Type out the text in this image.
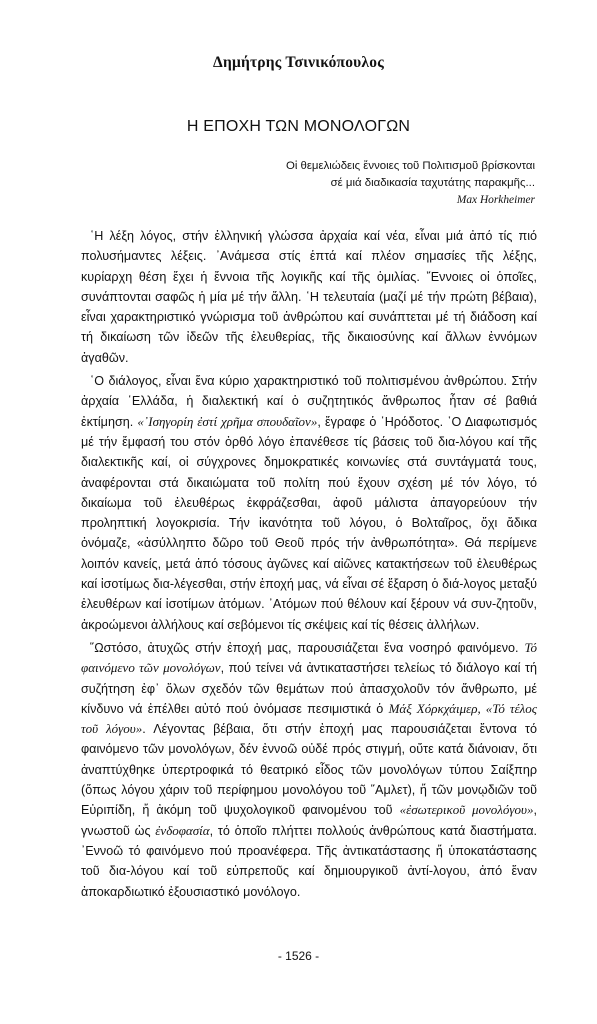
Δημήτρης Τσινικόπουλος
Η ΕΠΟΧΗ ΤΩΝ ΜΟΝΟΛΟΓΩΝ
Οἱ θεμελιώδεις ἔννοιες τοῦ Πολιτισμοῦ βρίσκονται
σέ μιά διαδικασία ταχυτάτης παρακμῆς...
Max Horkheimer

῾Η λέξη λόγος, στήν ἑλληνική γλώσσα ἀρχαία καί νέα, εἶναι μιά ἀπό τίς πιό πολυσήμαντες λέξεις. ᾿Ανάμεσα στίς ἑπτά καί πλέον σημασίες τῆς λέξης, κυρίαρχη θέση ἔχει ἡ ἔννοια τῆς λογικῆς καί τῆς ὁμιλίας. ῎Εννοιες οἱ ὁποῖες, συνάπτονται σαφῶς ἡ μία μέ τήν ἄλλη. ῾Η τελευταία (μαζί μέ τήν πρώτη βέβαια), εἶναι χαρακτηριστικό γνώρισμα τοῦ ἀνθρώπου καί συνάπτεται μέ τή διάδοση καί τή δικαίωση τῶν ἰδεῶν τῆς ἐλευθερίας, τῆς δικαιοσύνης καί ἄλλων ἐννόμων ἀγαθῶν.

῾Ο διάλογος, εἶναι ἕνα κύριο χαρακτηριστικό τοῦ πολιτισμένου ἀνθρώπου. Στήν ἀρχαία ῾Ελλάδα, ἡ διαλεκτική καί ὁ συζητητικός ἄνθρωπος ἦταν σέ βαθιά ἐκτίμηση. «᾿Ισηγορίη ἐστί χρῆμα σπουδαῖον», ἔγραφε ὁ ῾Ηρόδοτος. ῾Ο Διαφωτισμός μέ τήν ἔμφασή του στόν ὀρθό λόγο ἐπανέθεσε τίς βάσεις τοῦ δια-λόγου καί τῆς διαλεκτικῆς καί, οἱ σύγχρονες δημοκρατικές κοινωνίες στά συντάγματά τους, ἀναφέρονται στά δικαιώματα τοῦ πολίτη πού ἔχουν σχέση μέ τόν λόγο, τό δικαίωμα τοῦ ἐλευθέρως ἐκφράζεσθαι, ἀφοῦ μάλιστα ἀπαγορεύουν τήν προληπτική λογοκρισία. Τήν ἱκανότητα τοῦ λόγου, ὁ Βολταῖρος, ὄχι ἄδικα ὀνόμαζε, «ἀσύλληπτο δῶρο τοῦ Θεοῦ πρός τήν ἀνθρωπότητα». Θά περίμενε λοιπόν κανείς, μετά ἀπό τόσους ἀγῶνες καί αἰῶνες κατακτήσεων τοῦ ἐλευθέρως καί ἰσοτίμως δια-λέγεσθαι, στήν ἐποχή μας, νά εἶναι σέ ἔξαρση ὁ διά-λογος μεταξύ ἐλευθέρων καί ἰσοτίμων ἀτόμων. ᾿Ατόμων πού θέλουν καί ξέρουν νά συν-ζητοῦν, ἀκροώμενοι ἀλλήλους καί σεβόμενοι τίς σκέψεις καί τίς θέσεις ἀλλήλων.

῞Ωστόσο, ἀτυχῶς στήν ἐποχή μας, παρουσιάζεται ἕνα νοσηρό φαινόμενο. Τό φαινόμενο τῶν μονολόγων, πού τείνει νά ἀντικαταστήσει τελείως τό διάλογο καί τή συζήτηση ἐφ᾿ ὅλων σχεδόν τῶν θεμάτων πού ἀπασχολοῦν τόν ἄνθρωπο, μέ κίνδυνο νά ἐπέλθει αὐτό πού ὀνόμασε πεσιμιστικά ὁ Μάξ Χόρκχάιμερ, «Τό τέλος τοῦ λόγου». Λέγοντας βέβαια, ὅτι στήν ἐποχή μας παρουσιάζεται ἔντονα τό φαινόμενο τῶν μονολόγων, δέν ἐννοῶ οὐδέ πρός στιγμή, οὔτε κατά διάνοιαν, ὅτι ἀναπτύχθηκε ὑπερτροφικά τό θεατρικό εἶδος τῶν μονολόγων τύπου Σαίξπηρ (ὅπως λόγου χάριν τοῦ περίφημου μονολόγου τοῦ ῞Αμλετ), ἤ τῶν μονῳδιῶν τοῦ Εὐριπίδη, ἤ ἀκόμη τοῦ ψυχολογικοῦ φαινομένου τοῦ «ἐσωτερικοῦ μονολόγου», γνωστοῦ ὡς ἐνδοφασία, τό ὁποῖο πλήττει πολλούς ἀνθρώπους κατά διαστήματα. ᾿Εννοῶ τό φαινόμενο πού προανέφερα. Τῆς ἀντικατάστασης ἤ ὑποκατάστασης τοῦ δια-λόγου καί τοῦ εὐπρεποῦς καί δημιουργικοῦ ἀντί-λογου, ἀπό ἕναν ἀποκαρδιωτικό ἐξουσιαστικό μονόλογο.

- 1526 -
